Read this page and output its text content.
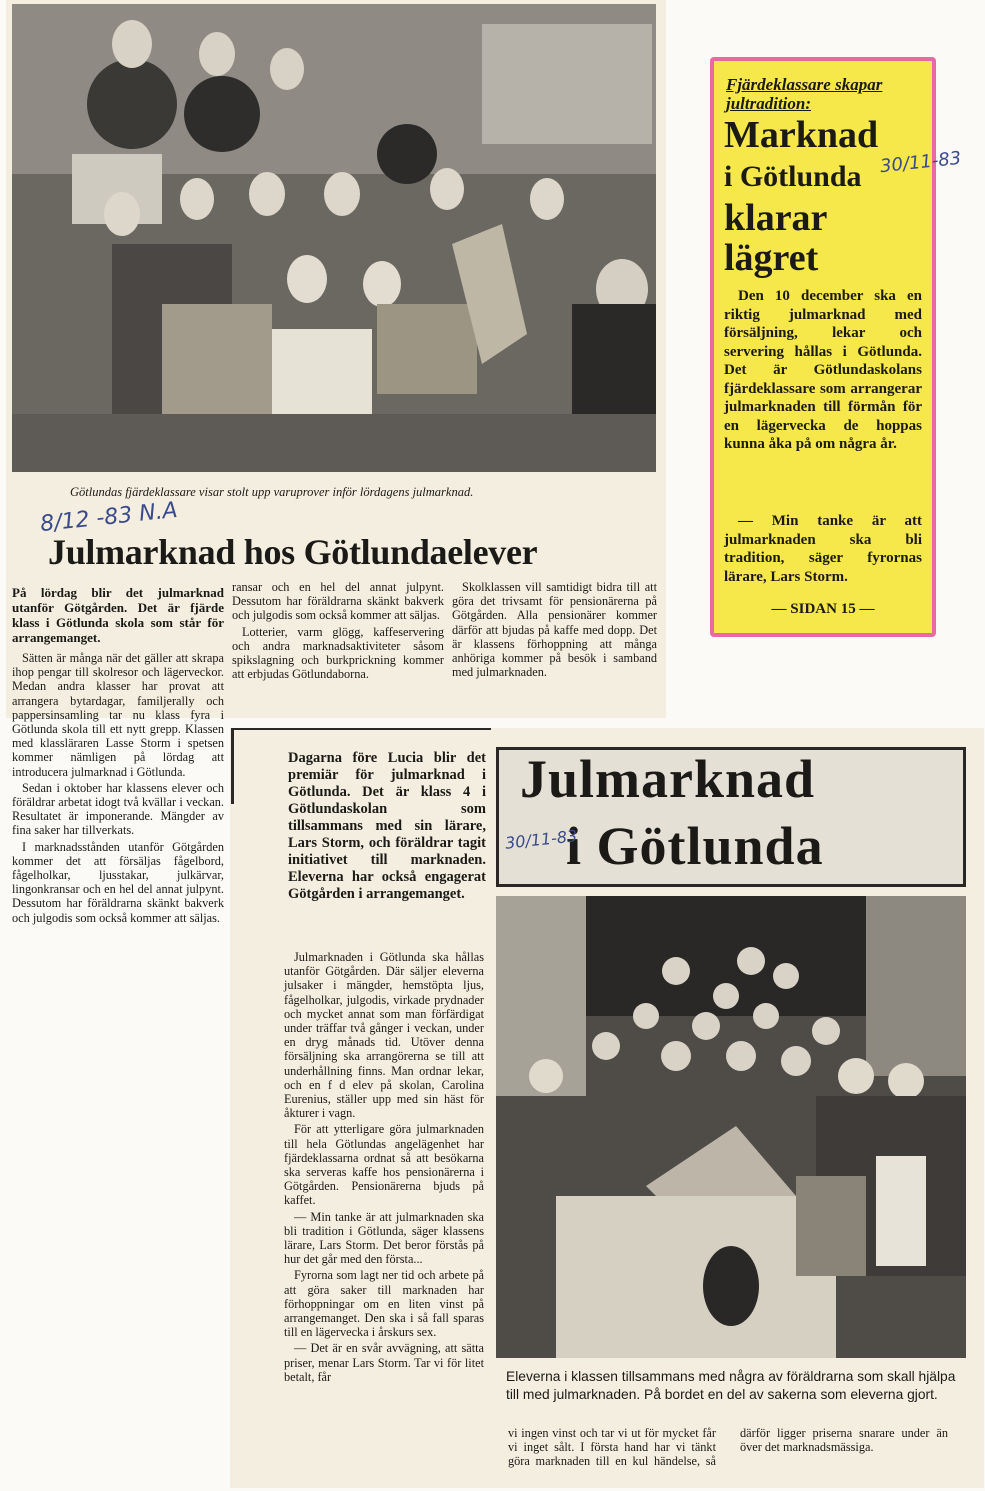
Götlundas fjärdeklassare visar stolt upp varuprover inför lördagens julmarknad.
8/12 -83 N.A
Julmarknad hos Götlundaelever

På lördag blir det julmarknad utanför Götgården. Det är fjärde klass i Götlunda skola som står för arrangemanget.

Sätten är många när det gäller att skrapa ihop pengar till skolresor och lägerveckor. Medan andra klasser har provat att arrangera bytardagar, familjerally och pappersinsamling tar nu klass fyra i Götlunda skola till ett nytt grepp. Klassen med klassläraren Lasse Storm i spetsen kommer nämligen på lördag att introducera julmarknad i Götlunda.

Sedan i oktober har klassens elever och föräldrar arbetat idogt två kvällar i veckan. Resultatet är imponerande. Mängder av fina saker har tillverkats.

I marknadsstånden utanför Götgården kommer det att försäljas fågelbord, fågelholkar, ljusstakar, julkärvar, lingonkransar och en hel del annat julpynt. Dessutom har föräldrarna skänkt bakverk och julgodis som också kommer att säljas.

ransar och en hel del annat julpynt. Dessutom har föräldrarna skänkt bakverk och julgodis som också kommer att säljas.

Lotterier, varm glögg, kaffeservering och andra marknadsaktiviteter såsom spikslagning och burkprickning kommer att erbjudas Götlundaborna.

Skolklassen vill samtidigt bidra till att göra det trivsamt för pensionärerna på Götgården. Alla pensionärer kommer därför att bjudas på kaffe med dopp. Det är klassens förhoppning att många anhöriga kommer på besök i samband med julmarknaden.

Fjärdeklassare skapar jultradition:
Marknad
i Götlunda 30/11-83
klarar
lägret
Den 10 december ska en riktig julmarknad med försäljning, lekar och servering hållas i Götlunda. Det är Götlundaskolans fjärdeklassare som arrangerar julmarknaden till förmån för en lägervecka de hoppas kunna åka på om några år.
— Min tanke är att julmarknaden ska bli tradition, säger fyrornas lärare, Lars Storm.
— SIDAN 15 —
Dagarna före Lucia blir det premiär för julmarknad i Götlunda. Det är klass 4 i Götlundaskolan som tillsammans med sin lärare, Lars Storm, och föräldrar tagit initiativet till marknaden. Eleverna har också engagerat Götgården i arrangemanget.
Julmarknad
i Götlunda
30/11-83
Eleverna i klassen tillsammans med några av föräldrarna som skall hjälpa till med julmarknaden. På bordet en del av sakerna som eleverna gjort.

Julmarknaden i Götlunda ska hållas utanför Götgården. Där säljer eleverna julsaker i mängder, hemstöpta ljus, fågelholkar, julgodis, virkade prydnader och mycket annat som man förfärdigat under träffar två gånger i veckan, under en dryg månads tid. Utöver denna försäljning ska arrangörerna se till att underhållning finns. Man ordnar lekar, och en f d elev på skolan, Carolina Eurenius, ställer upp med sin häst för åkturer i vagn.

För att ytterligare göra julmarknaden till hela Götlundas angelägenhet har fjärdeklassarna ordnat så att besökarna ska serveras kaffe hos pensionärerna i Götgården. Pensionärerna bjuds på kaffet.

— Min tanke är att julmarknaden ska bli tradition i Götlunda, säger klassens lärare, Lars Storm. Det beror förstås på hur det går med den första...

Fyrorna som lagt ner tid och arbete på att göra saker till marknaden har förhoppningar om en liten vinst på arrangemanget. Den ska i så fall sparas till en lägervecka i årskurs sex.

— Det är en svår avvägning, att sätta priser, menar Lars Storm. Tar vi för litet betalt, får

vi ingen vinst och tar vi ut för mycket får vi inget sålt. I första hand har vi tänkt göra marknaden till en kul händelse, så därför ligger priserna snarare under än över det marknadsmässiga.
